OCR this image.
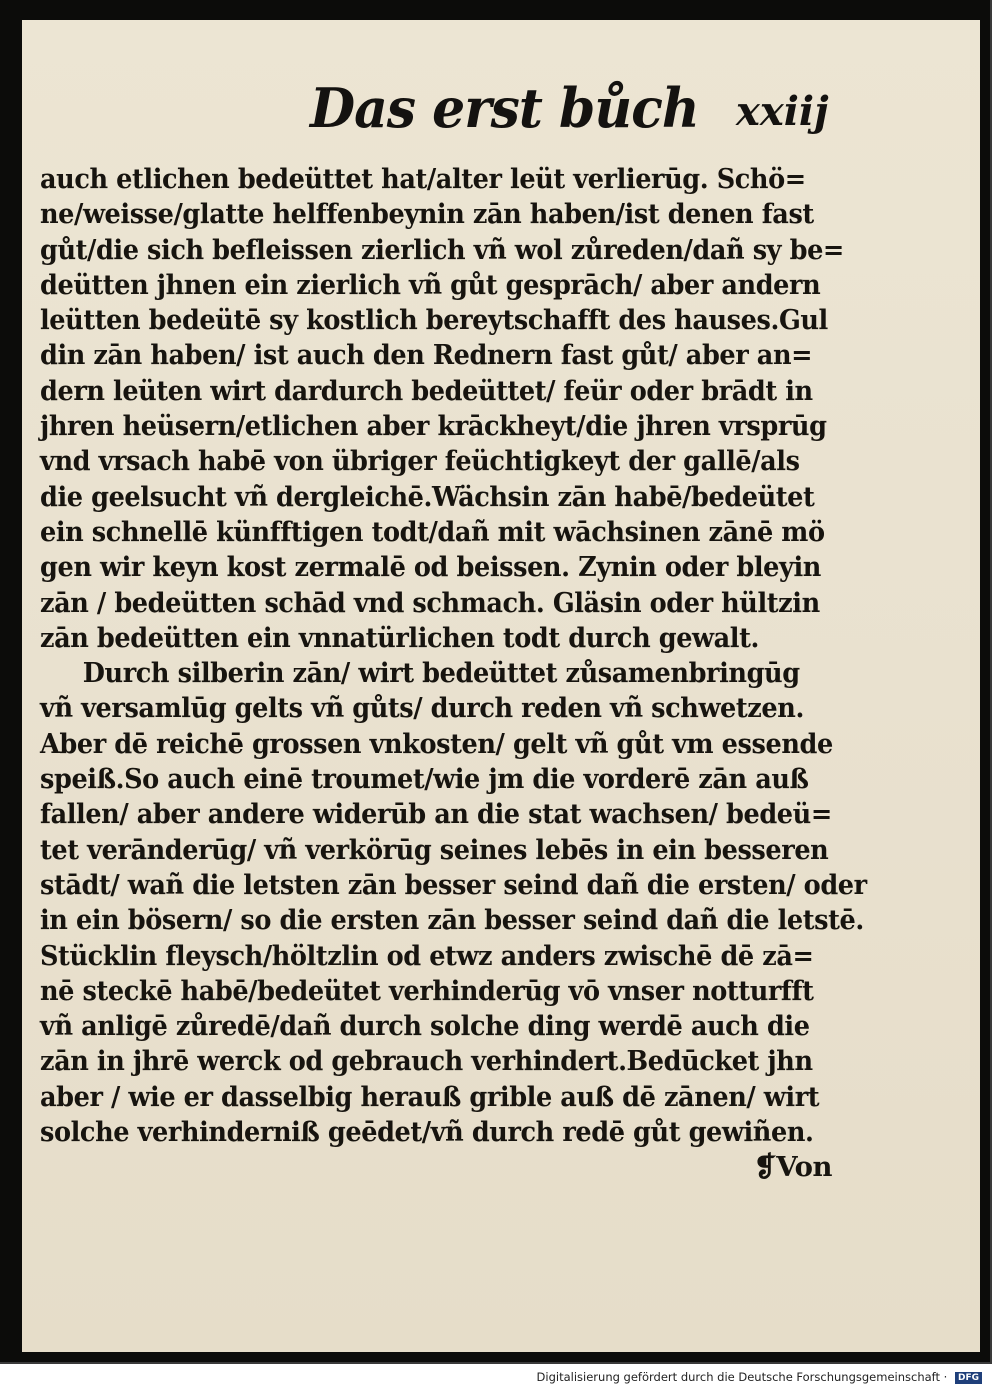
Das erst bůch xxiij
auch etlichen bedeüttet hat/alter leüt verlierūg. Schö=
ne/weisse/glatte helffenbeynin zān haben/ist denen fast
gůt/die sich befleissen zierlich vñ wol zůreden/dañ sy be=
deütten jhnen ein zierlich vñ gůt gesprāch/ aber andern
leütten bedeütē sy kostlich bereytschafft des hauses.Gul
din zān haben/ ist auch den Rednern fast gůt/ aber an=
dern leüten wirt dardurch bedeüttet/ feür oder brādt in
jhren heüsern/etlichen aber krāckheyt/die jhren vrsprūg
vnd vrsach habē von übriger feüchtigkeyt der gallē/als
die geelsucht vñ dergleichē.Wächsin zān habē/bedeütet
ein schnellē künfftigen todt/dañ mit wāchsinen zānē mö
gen wir keyn kost zermalē od beissen. Zynin oder bleyin
zān / bedeütten schād vnd schmach. Gläsin oder hültzin
zān bedeütten ein vnnatürlichen todt durch gewalt.
Durch silberin zān/ wirt bedeüttet zůsamenbringūg
vñ versamlūg gelts vñ gůts/ durch reden vñ schwetzen.
Aber dē reichē grossen vnkosten/ gelt vñ gůt vm essende
speiß.So auch einē troumet/wie jm die vorderē zān auß
fallen/ aber andere widerūb an die stat wachsen/ bedeü=
tet verānderūg/ vñ verkörūg seines lebēs in ein besseren
stādt/ wañ die letsten zān besser seind dañ die ersten/ oder
in ein bösern/ so die ersten zān besser seind dañ die letstē.
Stücklin fleysch/höltzlin od etwz anders zwischē dē zā=
nē steckē habē/bedeütet verhinderūg vō vnser notturfft
vñ anligē zůredē/dañ durch solche ding werdē auch die
zān in jhrē werck od gebrauch verhindert.Bedūcket jhn
aber / wie er dasselbig herauß grible auß dē zānen/ wirt
solche verhinderniß geēdet/vñ durch redē gůt gewiñen.
❡Von
Digitalisierung gefördert durch die Deutsche Forschungsgemeinschaft · DFG
